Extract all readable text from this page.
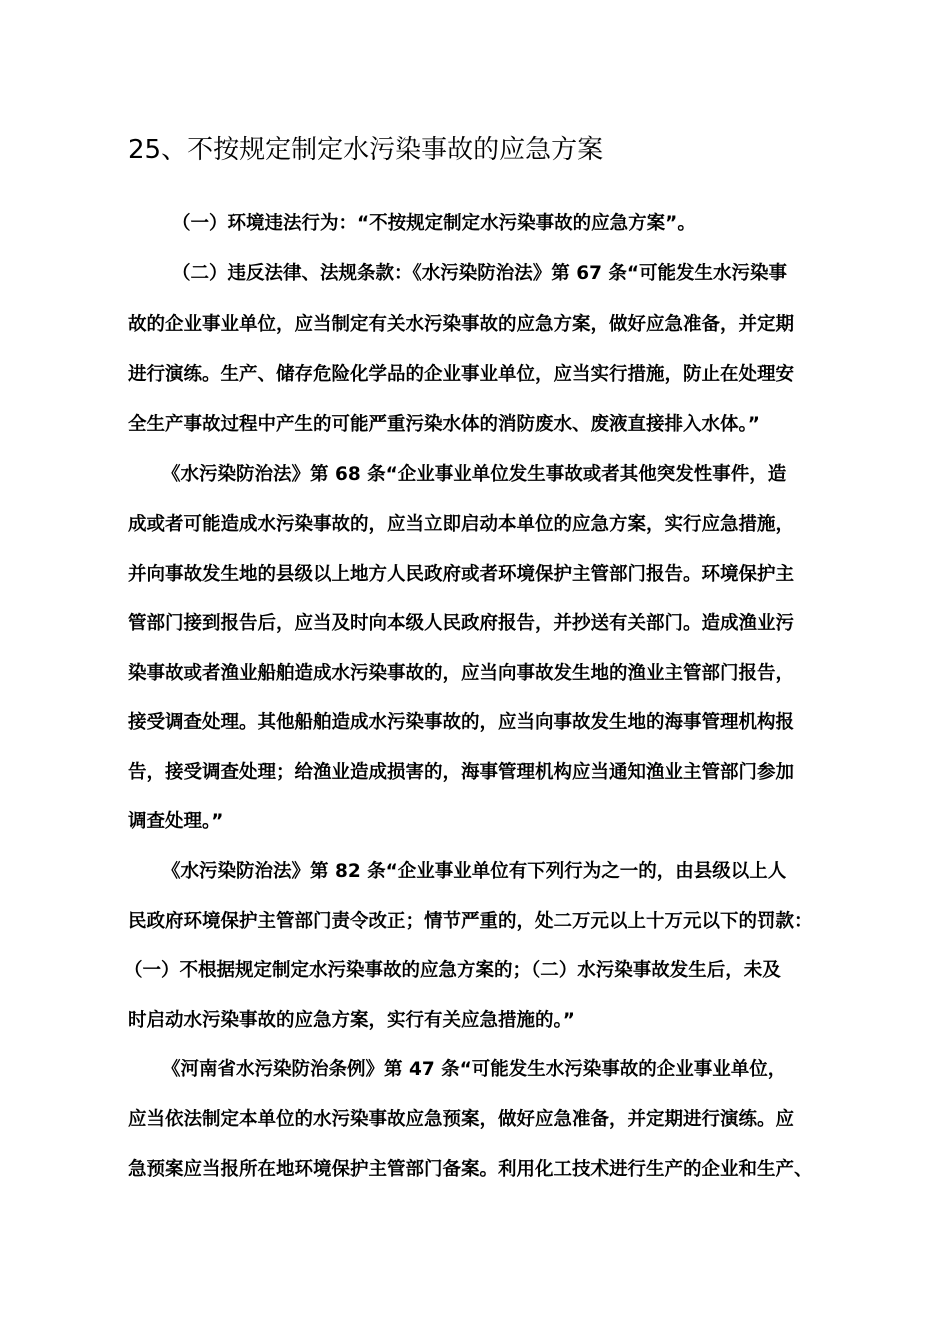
25、不按规定制定水污染事故的应急方案
（一）环境违法行为：“不按规定制定水污染事故的应急方案”。
（二）违反法律、法规条款：《水污染防治法》第 67 条“可能发生水污染事
故的企业事业单位，应当制定有关水污染事故的应急方案，做好应急准备，并定期
进行演练。生产、储存危险化学品的企业事业单位，应当实行措施，防止在处理安
全生产事故过程中产生的可能严重污染水体的消防废水、废液直接排入水体。”
《水污染防治法》第 68 条“企业事业单位发生事故或者其他突发性事件，造
成或者可能造成水污染事故的，应当立即启动本单位的应急方案，实行应急措施，
并向事故发生地的县级以上地方人民政府或者环境保护主管部门报告。环境保护主
管部门接到报告后，应当及时向本级人民政府报告，并抄送有关部门。造成渔业污
染事故或者渔业船舶造成水污染事故的，应当向事故发生地的渔业主管部门报告，
接受调查处理。其他船舶造成水污染事故的，应当向事故发生地的海事管理机构报
告，接受调查处理；给渔业造成损害的，海事管理机构应当通知渔业主管部门参加
调查处理。”
《水污染防治法》第 82 条“企业事业单位有下列行为之一的，由县级以上人
民政府环境保护主管部门责令改正；情节严重的，处二万元以上十万元以下的罚款：
（一）不根据规定制定水污染事故的应急方案的；（二）水污染事故发生后，未及
时启动水污染事故的应急方案，实行有关应急措施的。”
《河南省水污染防治条例》第 47 条“可能发生水污染事故的企业事业单位，
应当依法制定本单位的水污染事故应急预案，做好应急准备，并定期进行演练。应
急预案应当报所在地环境保护主管部门备案。利用化工技术进行生产的企业和生产、
